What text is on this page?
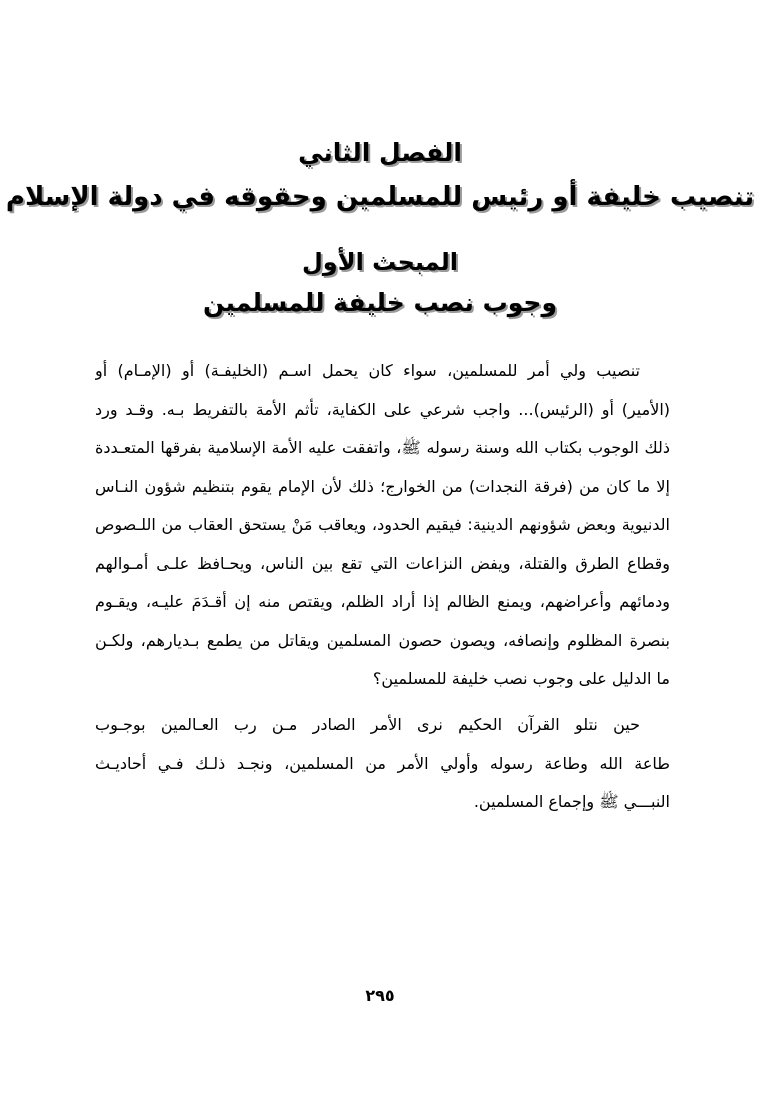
الفصل الثاني
تنصيب خليفة أو رئيس للمسلمين وحقوقه في دولة الإسلام
المبحث الأول
وجوب نصب خليفة للمسلمين
تنصيب ولي أمر للمسلمين، سواء كان يحمل اسـم (الخليفـة) أو (الإمـام) أو
(الأمير) أو (الرئيس)... واجب شرعي على الكفاية، تأثم الأمة بالتفريط بـه. وقـد ورد
ذلك الوجوب بكتاب الله وسنة رسوله ﷺ، واتفقت عليه الأمة الإسلامية بفرقها المتعـددة
إلا ما كان من (فرقة النجدات) من الخوارج؛ ذلك لأن الإمام يقوم بتنظيم شؤون النـاس
الدنيوية وبعض شؤونهم الدينية: فيقيم الحدود، ويعاقب مَنْ يستحق العقاب من اللـصوص
وقطاع الطرق والقتلة، ويفض النزاعات التي تقع بين الناس، ويحـافظ علـى أمـوالهم
ودمائهم وأعراضهم، ويمنع الظالم إذا أراد الظلم، ويقتص منه إن أقـدَمَ عليـه، ويقـوم
بنصرة المظلوم وإنصافه، ويصون حصون المسلمين ويقاتل من يطمع بـديارهم، ولكـن
ما الدليل على وجوب نصب خليفة للمسلمين؟
حين نتلو القرآن الحكيم نرى الأمر الصادر مـن رب العـالمين بوجـوب
طاعة الله وطاعة رسوله وأولي الأمر من المسلمين، ونجـد ذلـك فـي أحاديـث
النبـــي ﷺ وإجماع المسلمين.
٢٩٥
